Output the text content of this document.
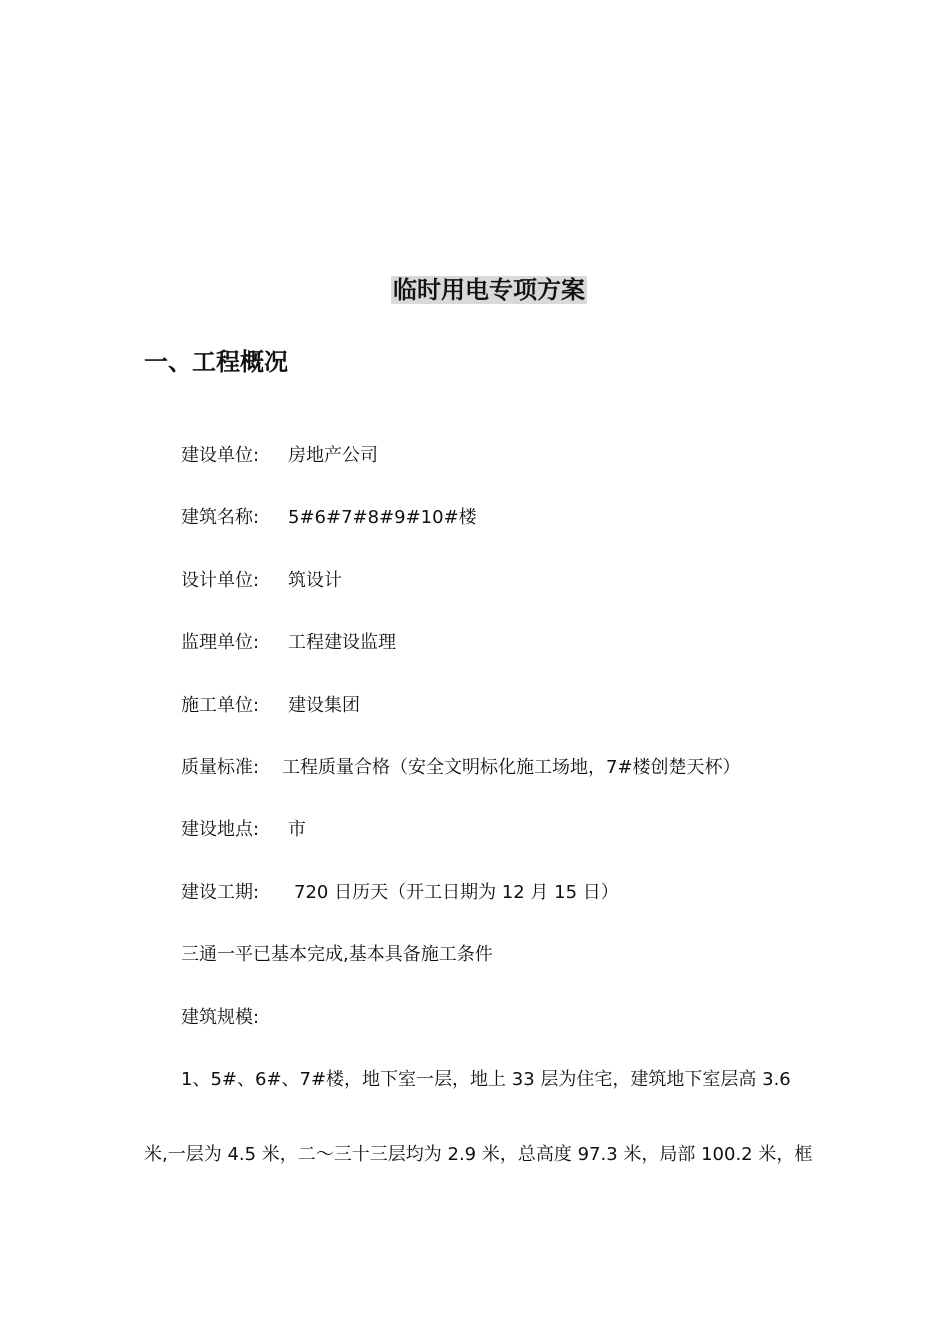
临时用电专项方案
一、工程概况
建设单位: 房地产公司
建筑名称: 5#6#7#8#9#10#楼
设计单位: 筑设计
监理单位: 工程建设监理
施工单位: 建设集团
质量标准: 工程质量合格（安全文明标化施工场地，7#楼创楚天杯）
建设地点: 市
建设工期: 720 日历天（开工日期为 12 月 15 日）
三通一平已基本完成,基本具备施工条件
建筑规模:
1、5#、6#、7#楼，地下室一层，地上 33 层为住宅，建筑地下室层高 3.6
米,一层为 4.5 米，二～三十三层均为 2.9 米，总高度 97.3 米，局部 100.2 米，框
